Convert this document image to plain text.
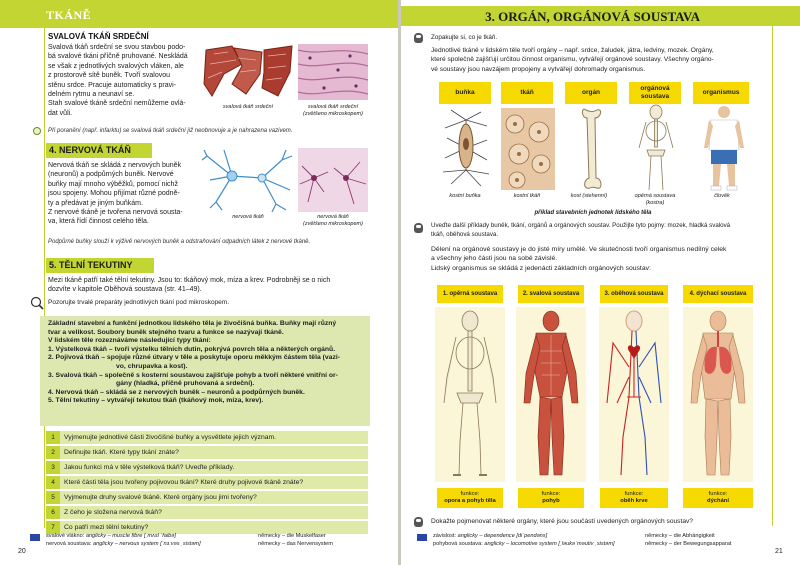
TKÁNĚ
SVALOVÁ TKÁŇ SRDEČNÍ
Svalová tkáň srdeční se svou stavbou podo-
bá svalové tkáni příčně pruhované. Neskládá
se však z jednotlivých svalových vláken, ale
z prostorově sítě buněk. Tvoří svalovou
stěnu srdce. Pracuje automaticky s pravi-
delném rytmu a neunaví se.
Stah svalové tkáně srdeční nemůžeme ovlá-
dat vůli.
svalová tkáň srdeční	svalová tkáň srdeční
(zvětšeno mikroskopem)
Při poranění (např. infarktu) se svalová tkáň srdeční již neobnovuje a je nahrazena vazivem.
4. NERVOVÁ TKÁŇ
Nervová tkáň se skládá z nervových buněk
(neuronů) a podpůrných buněk. Nervové
buňky mají mnoho výběžků, pomocí nichž
jsou spojeny. Mohou přijímat různé podně-
ty a předávat je jiným buňkám.
Z nervové tkáně je tvořena nervová sousta-
va, která řídí činnost celého těla.
nervová tkáň	nervová tkáň
(zvětšeno mikroskopem)
Podpůrné buňky slouží k výživě nervových buněk a odstraňování odpadních látek z nervové tkáně.
5. TĚLNÍ TEKUTINY
Mezi tkáně patří také tělní tekutiny. Jsou to: tkáňový mok, míza a krev. Podrobněji se o nich
dozvíte v kapitole Oběhová soustava (str. 41–49).
Pozorujte trvalé preparáty jednotlivých tkání pod mikroskopem.
Základní stavební a funkční jednotkou lidského těla je živočišná buňka. Buňky mají různý
tvar a velikost. Soubory buněk stejného tvaru a funkce se nazývají tkáně.
V lidském těle rozeznáváme následující typy tkání:
1. Výstelková tkáň – tvoří výstelku tělních dutin, pokrývá povrch těla a některých orgánů.
2. Pojivová tkáň – spojuje různé útvary v těle a poskytuje oporu měkkým částem těla (vazi-
vo, chrupavka a kost).
3. Svalová tkáň – společně s kosterní soustavou zajišťuje pohyb a tvoří některé vnitřní or-
gány (hladká, příčně pruhovaná a srdeční).
4. Nervová tkáň – skládá se z nervových buněk – neuronů a podpůrných buněk.
5. Tělní tekutiny – vytvářejí tekutou tkáň (tkáňový mok, míza, krev).
1	Vyjmenujte jednotlivé části živočišné buňky a vysvětlete jejich význam.
2	Definujte tkáň. Které typy tkání znáte?
3	Jakou funkci má v těle výstelková tkáň? Uveďte příklady.
4	Které části těla jsou tvořeny pojivovou tkání? Které druhy pojivové tkáně znáte?
5	Vyjmenujte druhy svalové tkáně. Které orgány jsou jimi tvořeny?
6	Z čeho je složena nervová tkáň?
7	Co patří mezi tělní tekutiny?
svalové vlákno: anglicky – muscle fibre [ˌmʌsl ˈfaibə]
nervová soustava: anglicky – nervous system [ˈnɜːvəs ˌsistəm]
německy – die Muskelfaser
německy – das Nervensystem
20
3. ORGÁN, ORGÁNOVÁ SOUSTAVA
Zopakujte si, co je tkáň.
Jednotlivé tkáně v lidském těle tvoří orgány – např. srdce, žaludek, játra, ledviny, mozek. Orgány,
které společně zajišťují určitou činnost organismu, vytvářejí orgánové soustavy. Všechny orgáno-
vé soustavy jsou navzájem propojeny a vytvářejí dohromady organismus.
buňka	tkáň	orgán
orgánová soustava
organismus
kostní buňka	kostní tkáň	kost (stehenní)	opěrná soustava (kostra)
člověk
příklad stavebních jednotek lidského těla
Uveďte další příklady buněk, tkání, orgánů a orgánových soustav. Použijte tyto pojmy: mozek, hladká svalová
tkáň, oběhová soustava.
Dělení na orgánové soustavy je do jisté míry umělé. Ve skutečnosti tvoří organismus nedílný celek
a všechny jeho části jsou na sobě závislé.
Lidský organismus se skládá z jedenácti základních orgánových soustav:
1. opěrná soustava	2. svalová soustava	3. oběhová soustava	4. dýchací soustava
funkce:
opora a pohyb těla
funkce:
pohyb
funkce:
oběh krve
funkce:
dýchání
Dokažte pojmenovat některé orgány, které jsou součástí uvedených orgánových soustav?
závislost: anglicky – dependence [diˈpendəns]
pohybová soustava: anglicky – locomotive system [ˌləukəˈməutiv ˌsistəm]
německy – die Abhängigkeit
německy – der Bewegungsapparat
21
